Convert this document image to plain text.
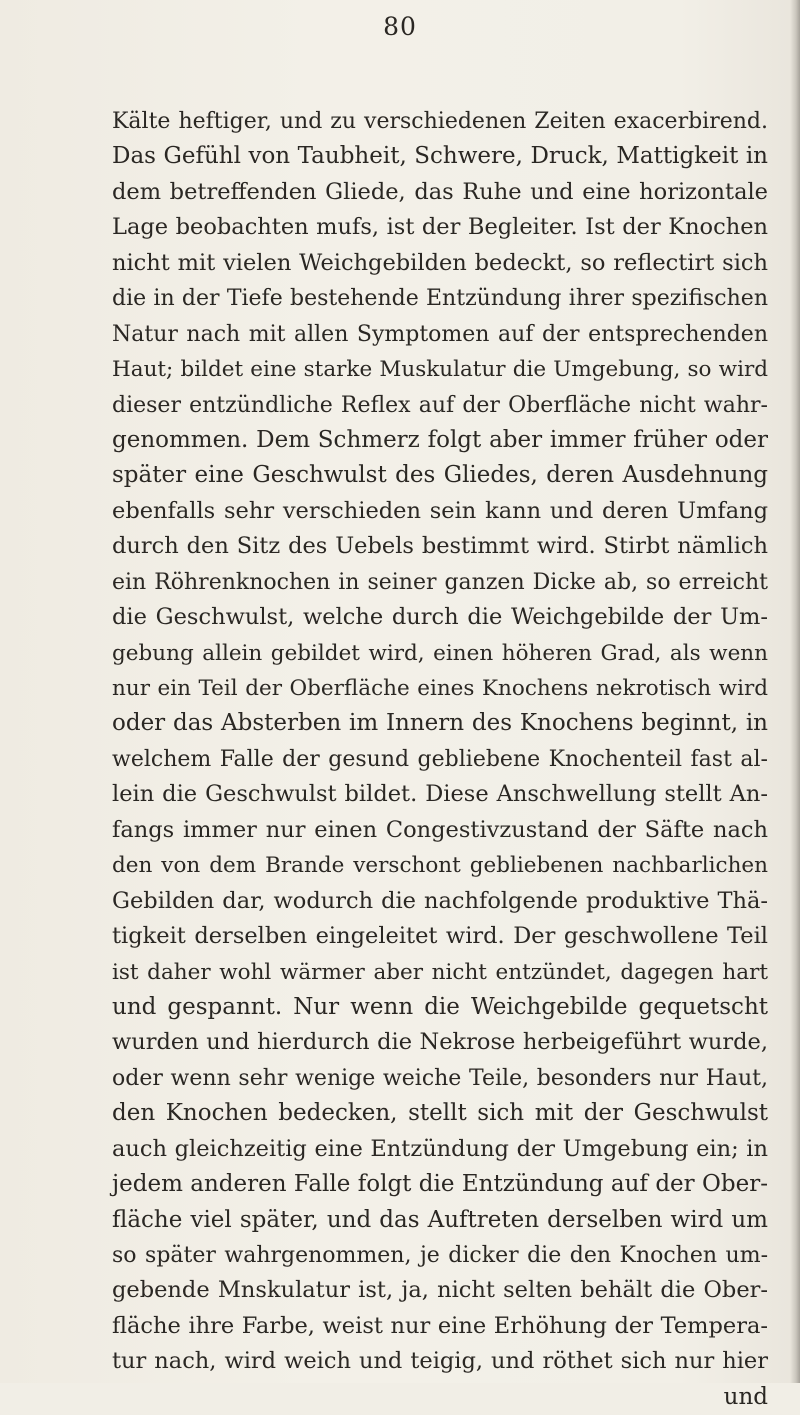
80
Kälte heftiger, und zu verschiedenen Zeiten exacerbirend.
Das Gefühl von Taubheit, Schwere, Druck, Mattigkeit in
dem betreffenden Gliede, das Ruhe und eine horizontale
Lage beobachten mufs, ist der Begleiter. Ist der Knochen
nicht mit vielen Weichgebilden bedeckt, so reflectirt sich
die in der Tiefe bestehende Entzündung ihrer spezifischen
Natur nach mit allen Symptomen auf der entsprechenden
Haut; bildet eine starke Muskulatur die Umgebung, so wird
dieser entzündliche Reflex auf der Oberfläche nicht wahr-
genommen. Dem Schmerz folgt aber immer früher oder
später eine Geschwulst des Gliedes, deren Ausdehnung
ebenfalls sehr verschieden sein kann und deren Umfang
durch den Sitz des Uebels bestimmt wird. Stirbt nämlich
ein Röhrenknochen in seiner ganzen Dicke ab, so erreicht
die Geschwulst, welche durch die Weichgebilde der Um-
gebung allein gebildet wird, einen höheren Grad, als wenn
nur ein Teil der Oberfläche eines Knochens nekrotisch wird
oder das Absterben im Innern des Knochens beginnt, in
welchem Falle der gesund gebliebene Knochenteil fast al-
lein die Geschwulst bildet. Diese Anschwellung stellt An-
fangs immer nur einen Congestivzustand der Säfte nach
den von dem Brande verschont gebliebenen nachbarlichen
Gebilden dar, wodurch die nachfolgende produktive Thä-
tigkeit derselben eingeleitet wird. Der geschwollene Teil
ist daher wohl wärmer aber nicht entzündet, dagegen hart
und gespannt. Nur wenn die Weichgebilde gequetscht
wurden und hierdurch die Nekrose herbeigeführt wurde,
oder wenn sehr wenige weiche Teile, besonders nur Haut,
den Knochen bedecken, stellt sich mit der Geschwulst
auch gleichzeitig eine Entzündung der Umgebung ein; in
jedem anderen Falle folgt die Entzündung auf der Ober-
fläche viel später, und das Auftreten derselben wird um
so später wahrgenommen, je dicker die den Knochen um-
gebende Mnskulatur ist, ja, nicht selten behält die Ober-
fläche ihre Farbe, weist nur eine Erhöhung der Tempera-
tur nach, wird weich und teigig, und röthet sich nur hier
und
